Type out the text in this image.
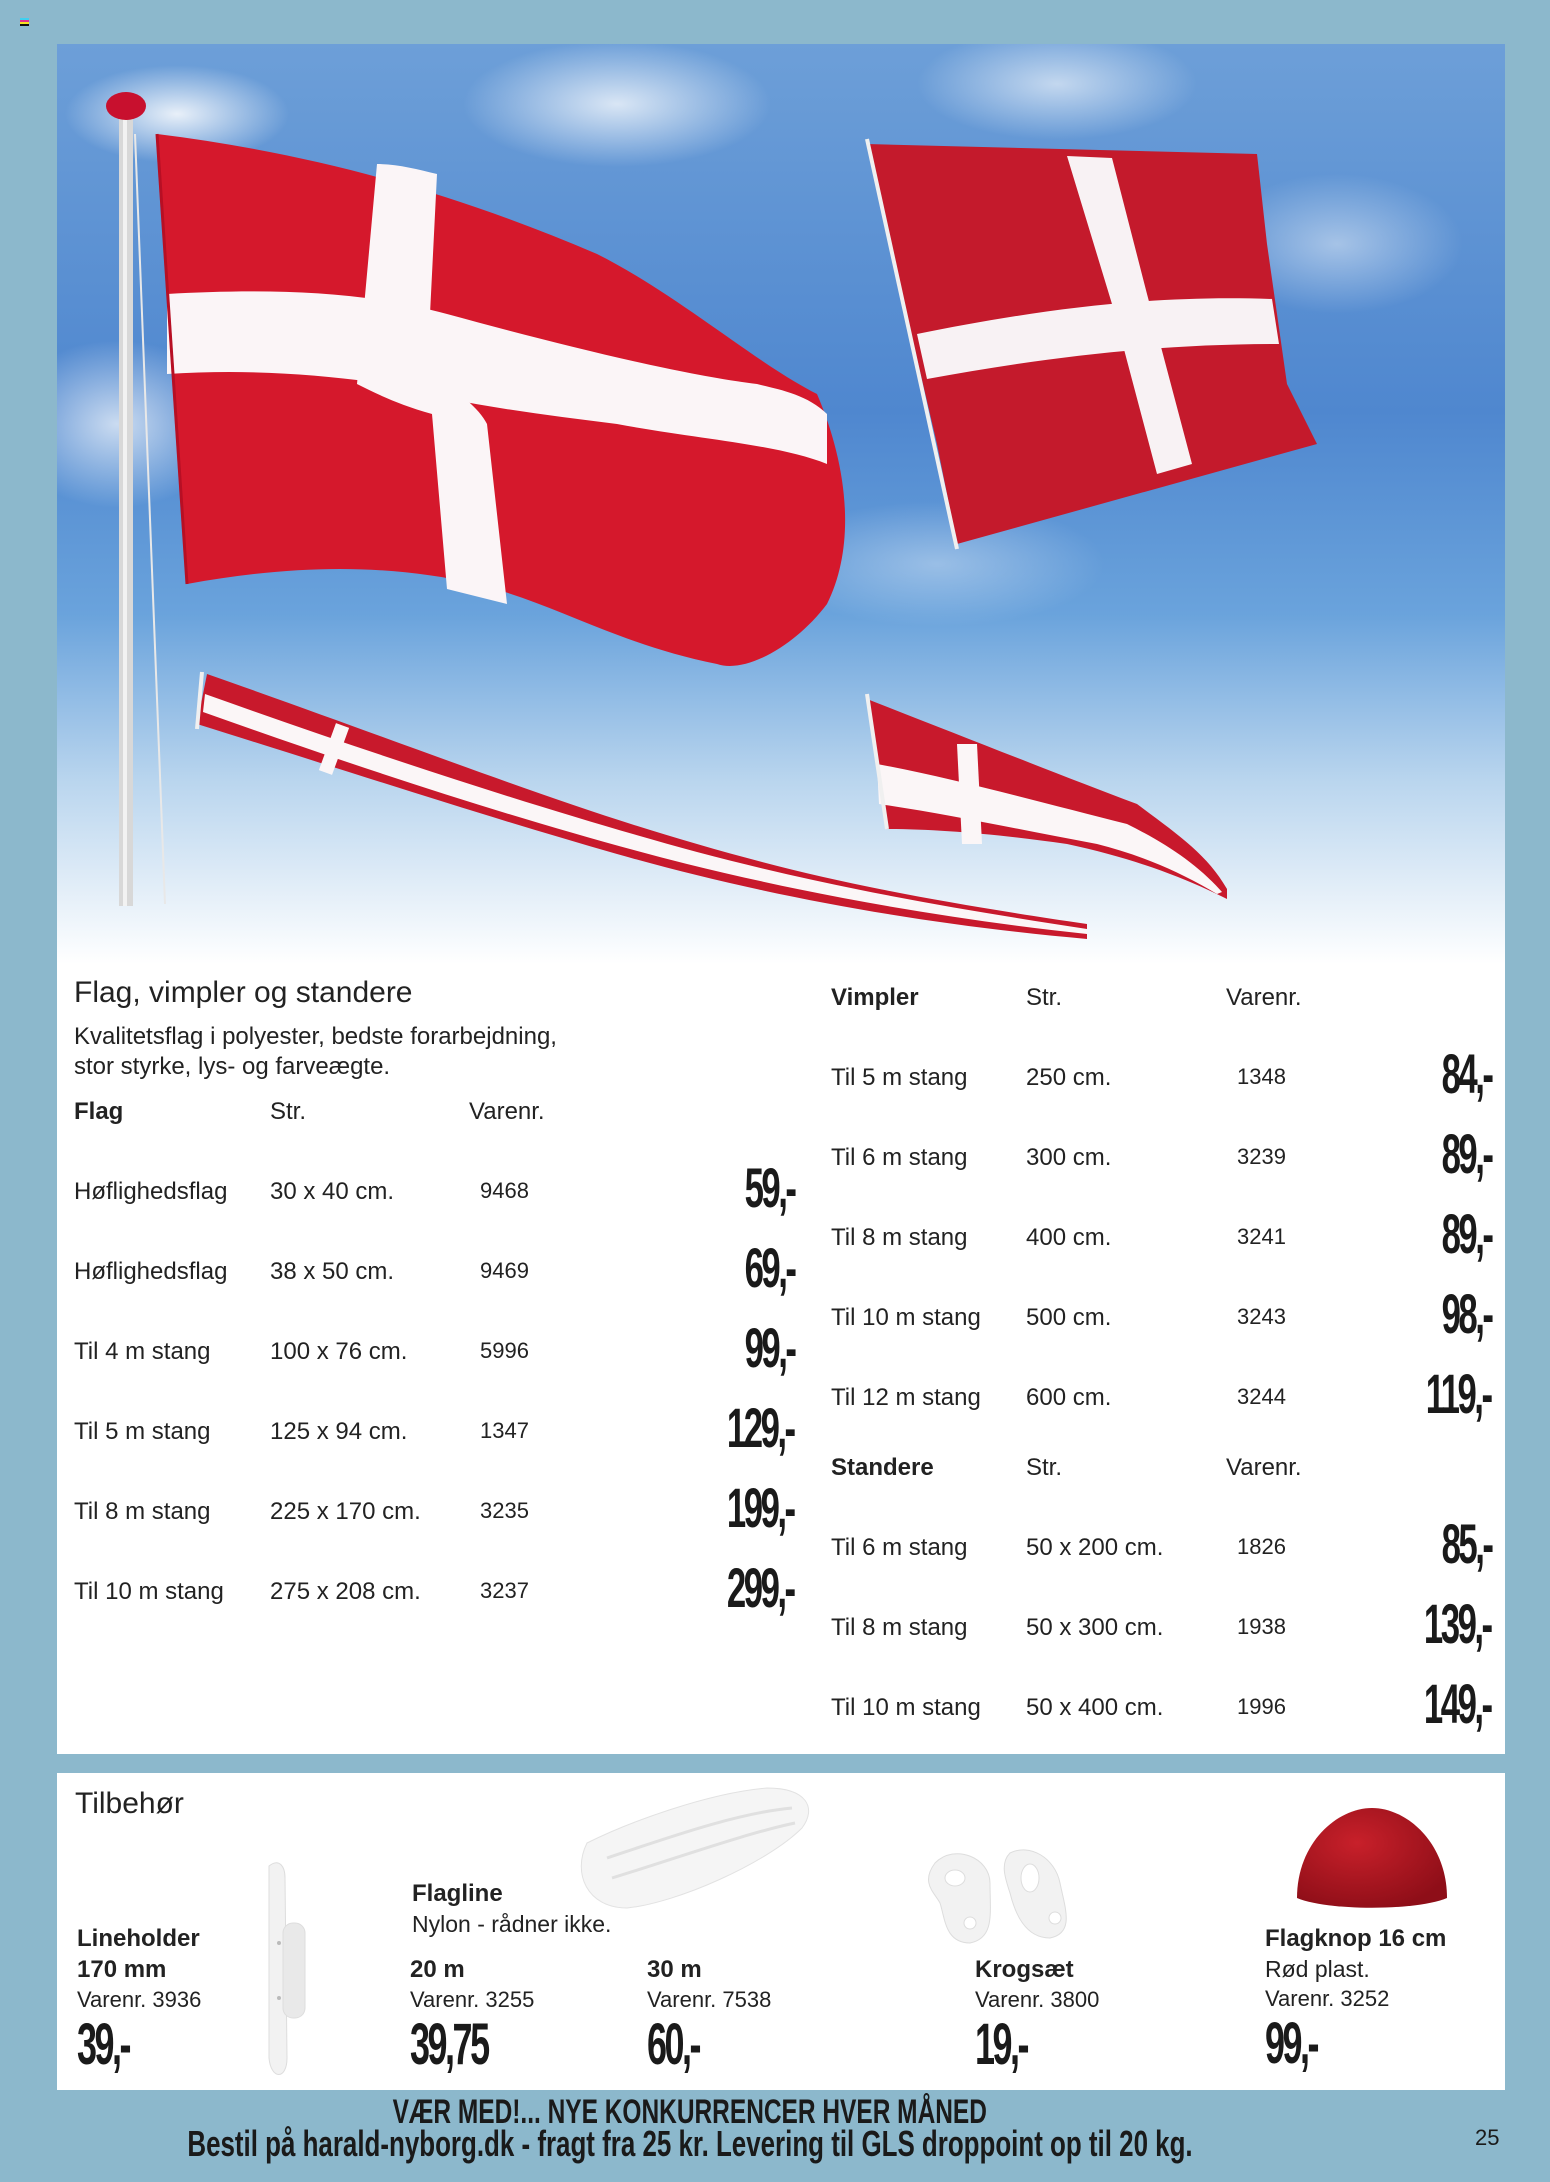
Flag, vimpler og standere
Kvalitetsflag i polyester, bedste forarbejdning,
stor styrke, lys- og farveægte.
Flag	Str.	Varenr.
Høflighedsflag 30 x 40 cm.	9468	59,-
Høflighedsflag 38 x 50 cm.	9469	69,-
Til 4 m stang 100 x 76 cm.	5996	99,-
Til 5 m stang 125 x 94 cm.	1347	129,-
Til 8 m stang 225 x 170 cm.	3235	199,-
Til 10 m stang 275 x 208 cm.	3237	299,-
Vimpler	Str.	Varenr.
Til 5 m stang 250 cm.	1348	84,-
Til 6 m stang 300 cm.	3239	89,-
Til 8 m stang 400 cm.	3241	89,-
Til 10 m stang 500 cm.	3243	98,-
Til 12 m stang 600 cm.	3244	119,-
Standere	Str.	Varenr.
Til 6 m stang 50 x 200 cm.	1826	85,-
Til 8 m stang 50 x 300 cm.	1938 139,-
Til 10 m stang 50 x 400 cm.	1996 149,-
Tilbehør
Lineholder
170 mm
Varenr. 3936
39,-
Flagline
Nylon - rådner ikke.
20 m
Varenr. 3255
39,75
30 m
Varenr. 7538
60,-
Krogsæt
Varenr. 3800
19,-
Flagknop 16 cm
Rød plast.
Varenr. 3252
99,-
VÆR MED!... NYE KONKURRENCER HVER MÅNED
Bestil på harald-nyborg.dk - fragt fra 25 kr. Levering til GLS droppoint op til 20 kg.	25
